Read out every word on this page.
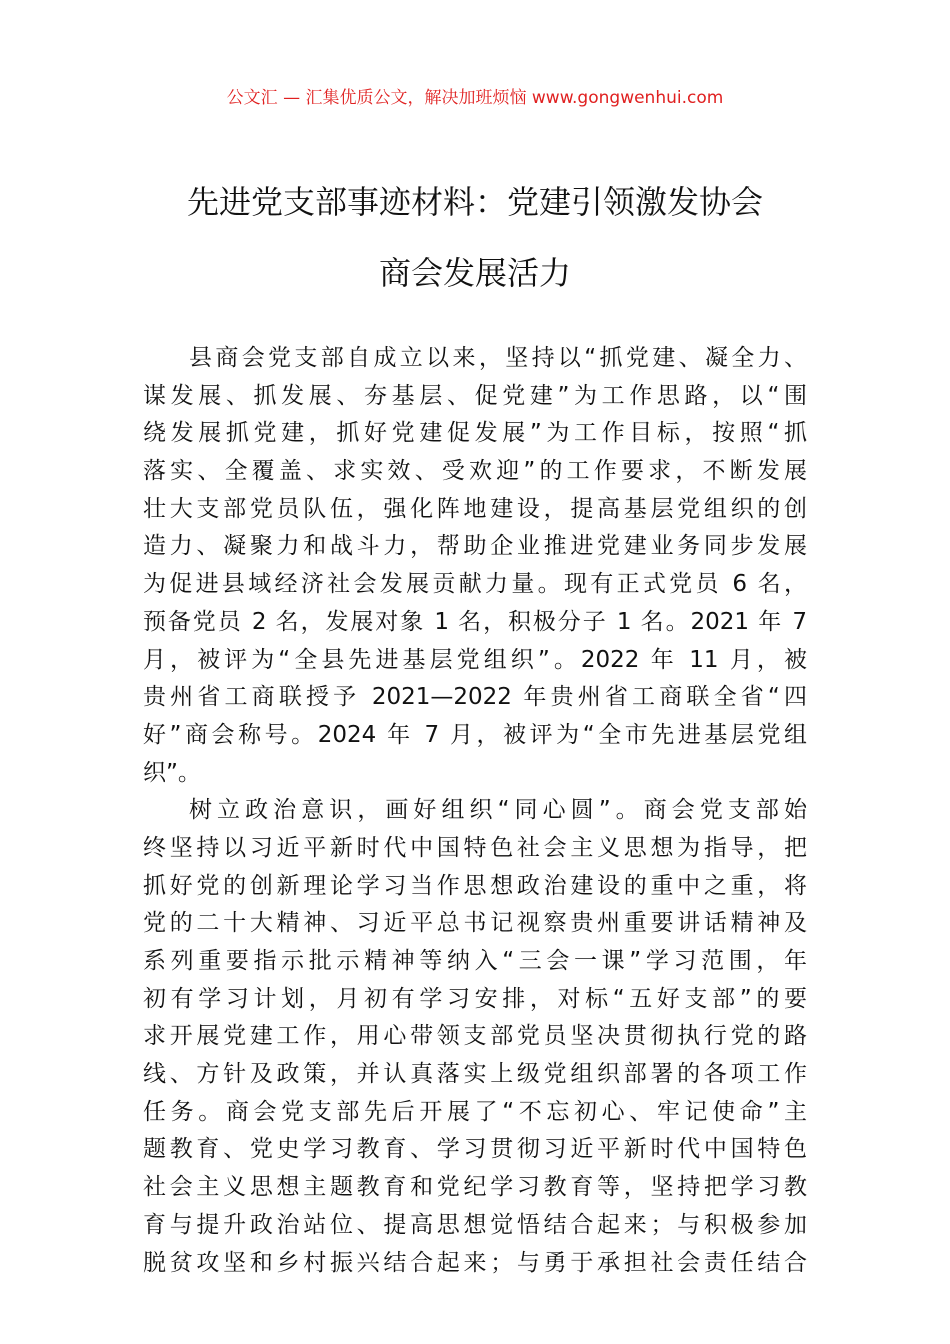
公文汇 — 汇集优质公文，解决加班烦恼 www.gongwenhui.com
先进党支部事迹材料：党建引领激发协会
商会发展活力
县商会党支部自成立以来，坚持以“抓党建、凝全力、
谋发展、抓发展、夯基层、促党建”为工作思路，以“围
绕发展抓党建，抓好党建促发展”为工作目标，按照“抓
落实、全覆盖、求实效、受欢迎”的工作要求，不断发展
壮大支部党员队伍，强化阵地建设，提高基层党组织的创
造力、凝聚力和战斗力，帮助企业推进党建业务同步发展
为促进县域经济社会发展贡献力量。现有正式党员 6 名，
预备党员 2 名，发展对象 1 名，积极分子 1 名。2021 年 7
月，被评为“全县先进基层党组织”。2022 年 11 月，被
贵州省工商联授予 2021—2022 年贵州省工商联全省“四
好”商会称号。2024 年 7 月，被评为“全市先进基层党组
织”。
树立政治意识，画好组织“同心圆”。商会党支部始
终坚持以习近平新时代中国特色社会主义思想为指导，把
抓好党的创新理论学习当作思想政治建设的重中之重，将
党的二十大精神、习近平总书记视察贵州重要讲话精神及
系列重要指示批示精神等纳入“三会一课”学习范围，年
初有学习计划，月初有学习安排，对标“五好支部”的要
求开展党建工作，用心带领支部党员坚决贯彻执行党的路
线、方针及政策，并认真落实上级党组织部署的各项工作
任务。商会党支部先后开展了“不忘初心、牢记使命”主
题教育、党史学习教育、学习贯彻习近平新时代中国特色
社会主义思想主题教育和党纪学习教育等，坚持把学习教
育与提升政治站位、提高思想觉悟结合起来；与积极参加
脱贫攻坚和乡村振兴结合起来；与勇于承担社会责任结合
